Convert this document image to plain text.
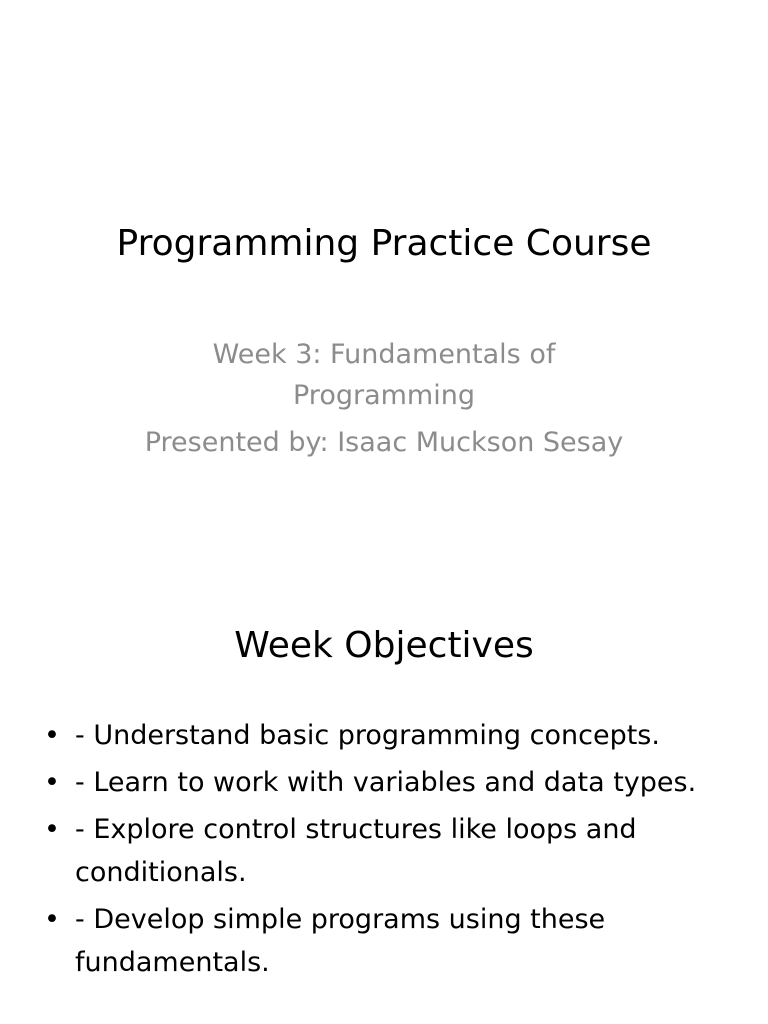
Programming Practice Course
Week 3: Fundamentals of Programming
Presented by: Isaac Muckson Sesay
Week Objectives
• - Understand basic programming concepts.
• - Learn to work with variables and data types.
• - Explore control structures like loops and conditionals.
• - Develop simple programs using these fundamentals.
